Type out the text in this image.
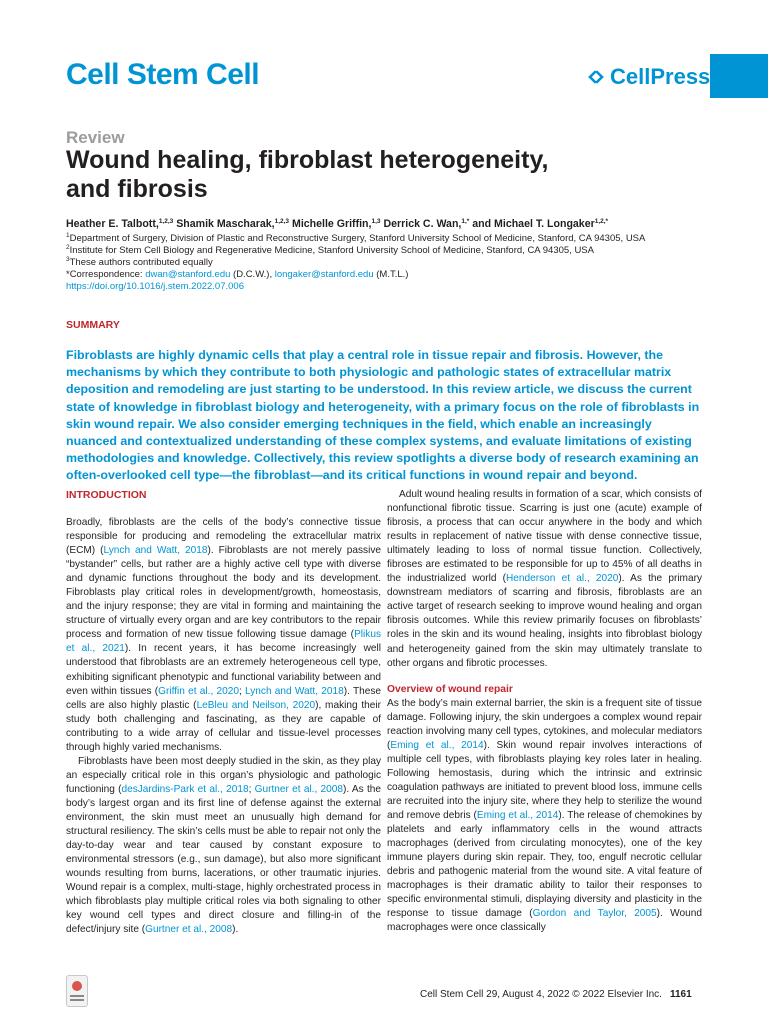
Cell Stem Cell	CellPress
Review
Wound healing, fibroblast heterogeneity, and fibrosis
Heather E. Talbott,$^{1,2,3}$ Shamik Mascharak,$^{1,2,3}$ Michelle Griffin,$^{1,3}$ Derrick C. Wan,$^{1,*}$ and Michael T. Longaker$^{1,2,*}$
$^1$Department of Surgery, Division of Plastic and Reconstructive Surgery, Stanford University School of Medicine, Stanford, CA 94305, USA
$^2$Institute for Stem Cell Biology and Regenerative Medicine, Stanford University School of Medicine, Stanford, CA 94305, USA
$^3$These authors contributed equally
*Correspondence: dwan@stanford.edu (D.C.W.), longaker@stanford.edu (M.T.L.)
https://doi.org/10.1016/j.stem.2022.07.006
SUMMARY

Fibroblasts are highly dynamic cells that play a central role in tissue repair and fibrosis. However, the mechanisms by which they contribute to both physiologic and pathologic states of extracellular matrix deposition and remodeling are just starting to be understood. In this review article, we discuss the current state of knowledge in fibroblast biology and heterogeneity, with a primary focus on the role of fibroblasts in skin wound repair. We also consider emerging techniques in the field, which enable an increasingly nuanced and contextualized understanding of these complex systems, and evaluate limitations of existing methodologies and knowledge. Collectively, this review spotlights a diverse body of research examining an often-overlooked cell type—the fibroblast—and its critical functions in wound repair and beyond.

INTRODUCTION

Broadly, fibroblasts are the cells of the body’s connective tissue responsible for producing and remodeling the extracellular matrix (ECM) (Lynch and Watt, 2018). Fibroblasts are not merely passive “bystander” cells, but rather are a highly active cell type with diverse and dynamic functions throughout the body and its development. Fibroblasts play critical roles in development/growth, homeostasis, and the injury response; they are vital in forming and maintaining the structure of virtually every organ and are key contributors to the repair process and formation of new tissue following tissue damage (Plikus et al., 2021). In recent years, it has become increasingly well understood that fibroblasts are an extremely heterogeneous cell type, exhibiting significant phenotypic and functional variability between and even within tissues (Griffin et al., 2020; Lynch and Watt, 2018). These cells are also highly plastic (LeBleu and Neilson, 2020), making their study both challenging and fascinating, as they are capable of contributing to a wide array of cellular and tissue-level processes through highly varied mechanisms.

Fibroblasts have been most deeply studied in the skin, as they play an especially critical role in this organ’s physiologic and pathologic functioning (desJardins-Park et al., 2018; Gurtner et al., 2008). As the body’s largest organ and its first line of defense against the external environment, the skin must meet an unusually high demand for structural resiliency. The skin’s cells must be able to repair not only the day-to-day wear and tear caused by constant exposure to environmental stressors (e.g., sun damage), but also more significant wounds resulting from burns, lacerations, or other traumatic injuries. Wound repair is a complex, multi-stage, highly orchestrated process in which fibroblasts play multiple critical roles via both signaling to other key wound cell types and direct closure and filling-in of the defect/injury site (Gurtner et al., 2008).

Adult wound healing results in formation of a scar, which consists of nonfunctional fibrotic tissue. Scarring is just one (acute) example of fibrosis, a process that can occur anywhere in the body and which results in replacement of native tissue with dense connective tissue, ultimately leading to loss of normal tissue function. Collectively, fibroses are estimated to be responsible for up to 45% of all deaths in the industrialized world (Henderson et al., 2020). As the primary downstream mediators of scarring and fibrosis, fibroblasts are an active target of research seeking to improve wound healing and organ fibrosis outcomes. While this review primarily focuses on fibroblasts’ roles in the skin and its wound healing, insights into fibroblast biology and heterogeneity gained from the skin may ultimately translate to other organs and fibrotic processes.

Overview of wound repair

As the body’s main external barrier, the skin is a frequent site of tissue damage. Following injury, the skin undergoes a complex wound repair reaction involving many cell types, cytokines, and molecular mediators (Eming et al., 2014). Skin wound repair involves interactions of multiple cell types, with fibroblasts playing key roles later in healing. Following hemostasis, during which the intrinsic and extrinsic coagulation pathways are initiated to prevent blood loss, immune cells are recruited into the injury site, where they help to sterilize the wound and remove debris (Eming et al., 2014). The release of chemokines by platelets and early inflammatory cells in the wound attracts macrophages (derived from circulating monocytes), one of the key immune players during skin repair. They, too, engulf necrotic cellular debris and pathogenic material from the wound site. A vital feature of macrophages is their dramatic ability to tailor their responses to specific environmental stimuli, displaying diversity and plasticity in the response to tissue damage (Gordon and Taylor, 2005). Wound macrophages were once classically

Cell Stem Cell 29, August 4, 2022 © 2022 Elsevier Inc. 1161
